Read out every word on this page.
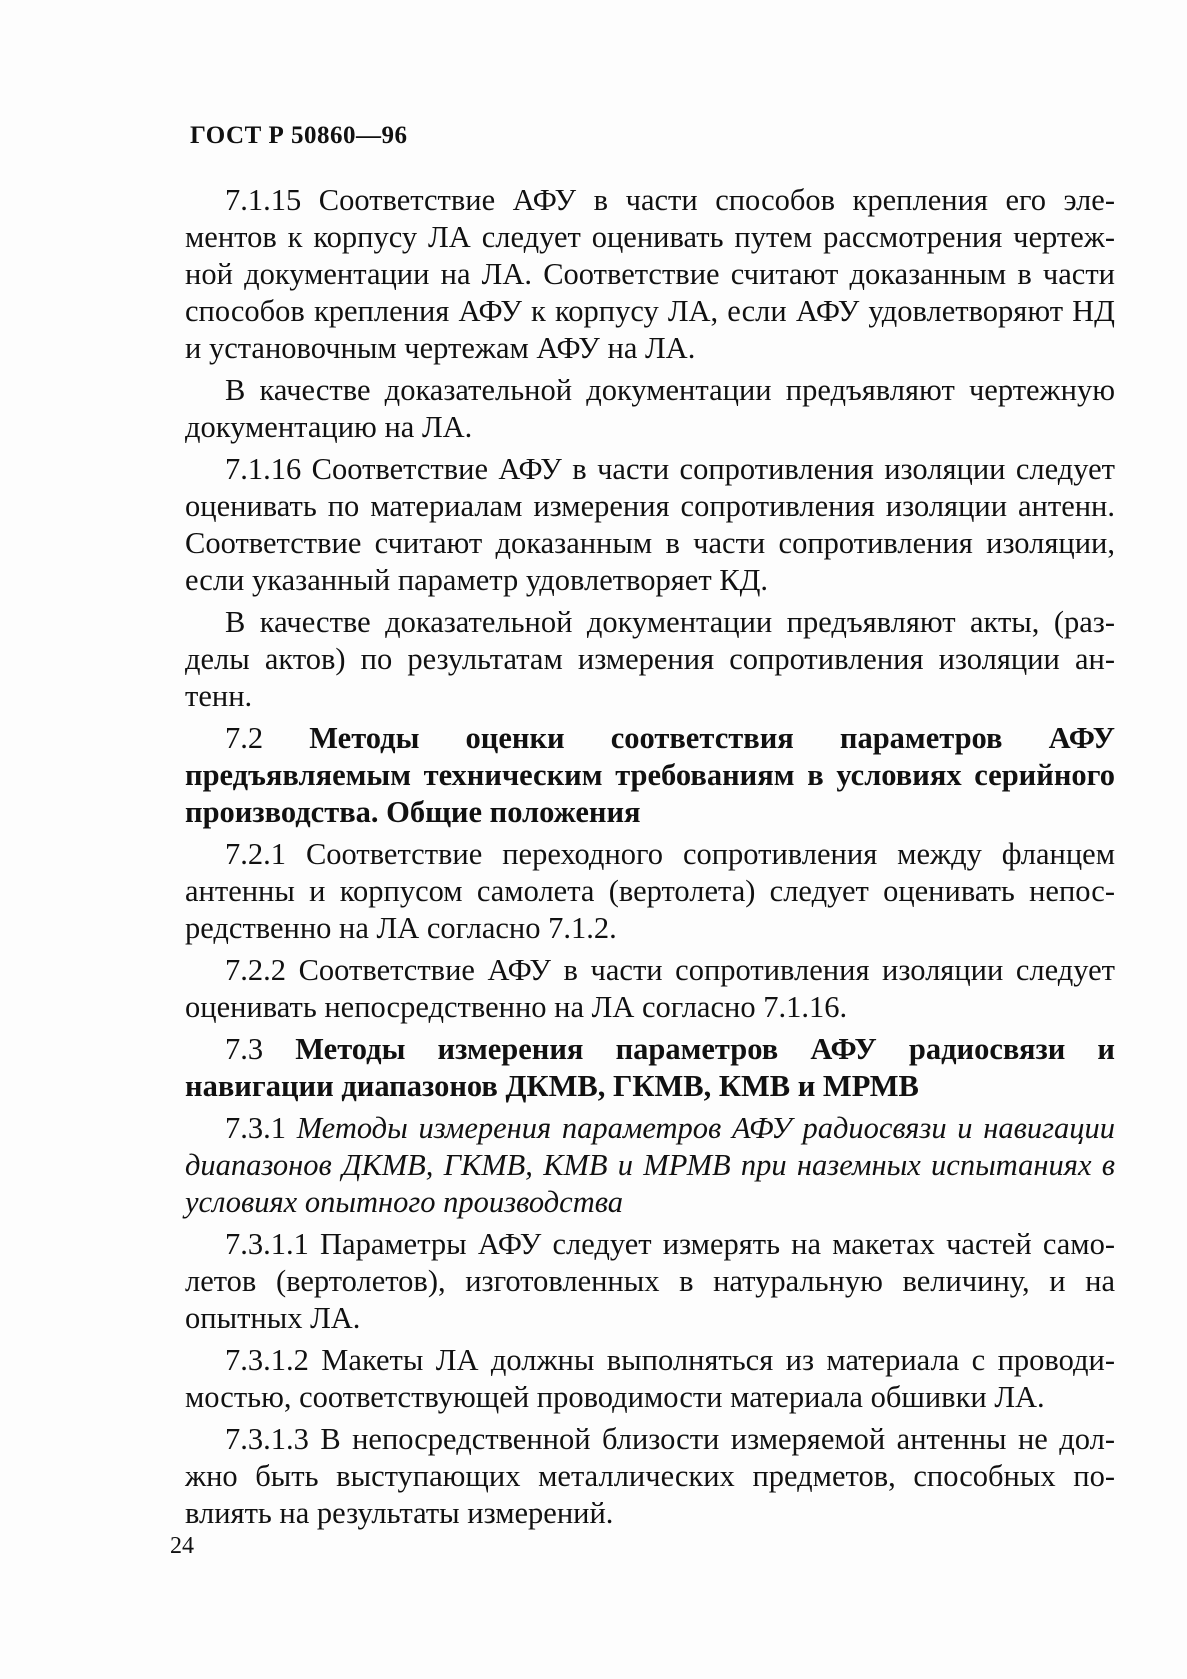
ГОСТ Р 50860—96

7.1.15 Соответствие АФУ в части способов крепления его элементов к корпусу ЛА следует оценивать путем рассмотрения чертежной документации на ЛА. Соответствие считают доказанным в части способов крепления АФУ к корпусу ЛА, если АФУ удовлетворяют НД и установочным чертежам АФУ на ЛА.

В качестве доказательной документации предъявляют чертежную документацию на ЛА.

7.1.16 Соответствие АФУ в части сопротивления изоляции следует оценивать по материалам измерения сопротивления изоляции антенн. Соответствие считают доказанным в части сопротивления изоляции, если указанный параметр удовлетворяет КД.

В качестве доказательной документации предъявляют акты, (разделы актов) по результатам измерения сопротивления изоляции антенн.

7.2 Методы оценки соответствия параметров АФУ предъявляемым техническим требованиям в условиях серийного производства. Общие положения

7.2.1 Соответствие переходного сопротивления между фланцем антенны и корпусом самолета (вертолета) следует оценивать непосредственно на ЛА согласно 7.1.2.

7.2.2 Соответствие АФУ в части сопротивления изоляции следует оценивать непосредственно на ЛА согласно 7.1.16.

7.3 Методы измерения параметров АФУ радиосвязи и навигации диапазонов ДКМВ, ГКМВ, КМВ и МРМВ

7.3.1 Методы измерения параметров АФУ радиосвязи и навигации диапазонов ДКМВ, ГКМВ, КМВ и МРМВ при наземных испытаниях в условиях опытного производства

7.3.1.1 Параметры АФУ следует измерять на макетах частей самолетов (вертолетов), изготовленных в натуральную величину, и на опытных ЛА.

7.3.1.2 Макеты ЛА должны выполняться из материала с проводимостью, соответствующей проводимости материала обшивки ЛА.

7.3.1.3 В непосредственной близости измеряемой антенны не должно быть выступающих металлических предметов, способных повлиять на результаты измерений.

24
